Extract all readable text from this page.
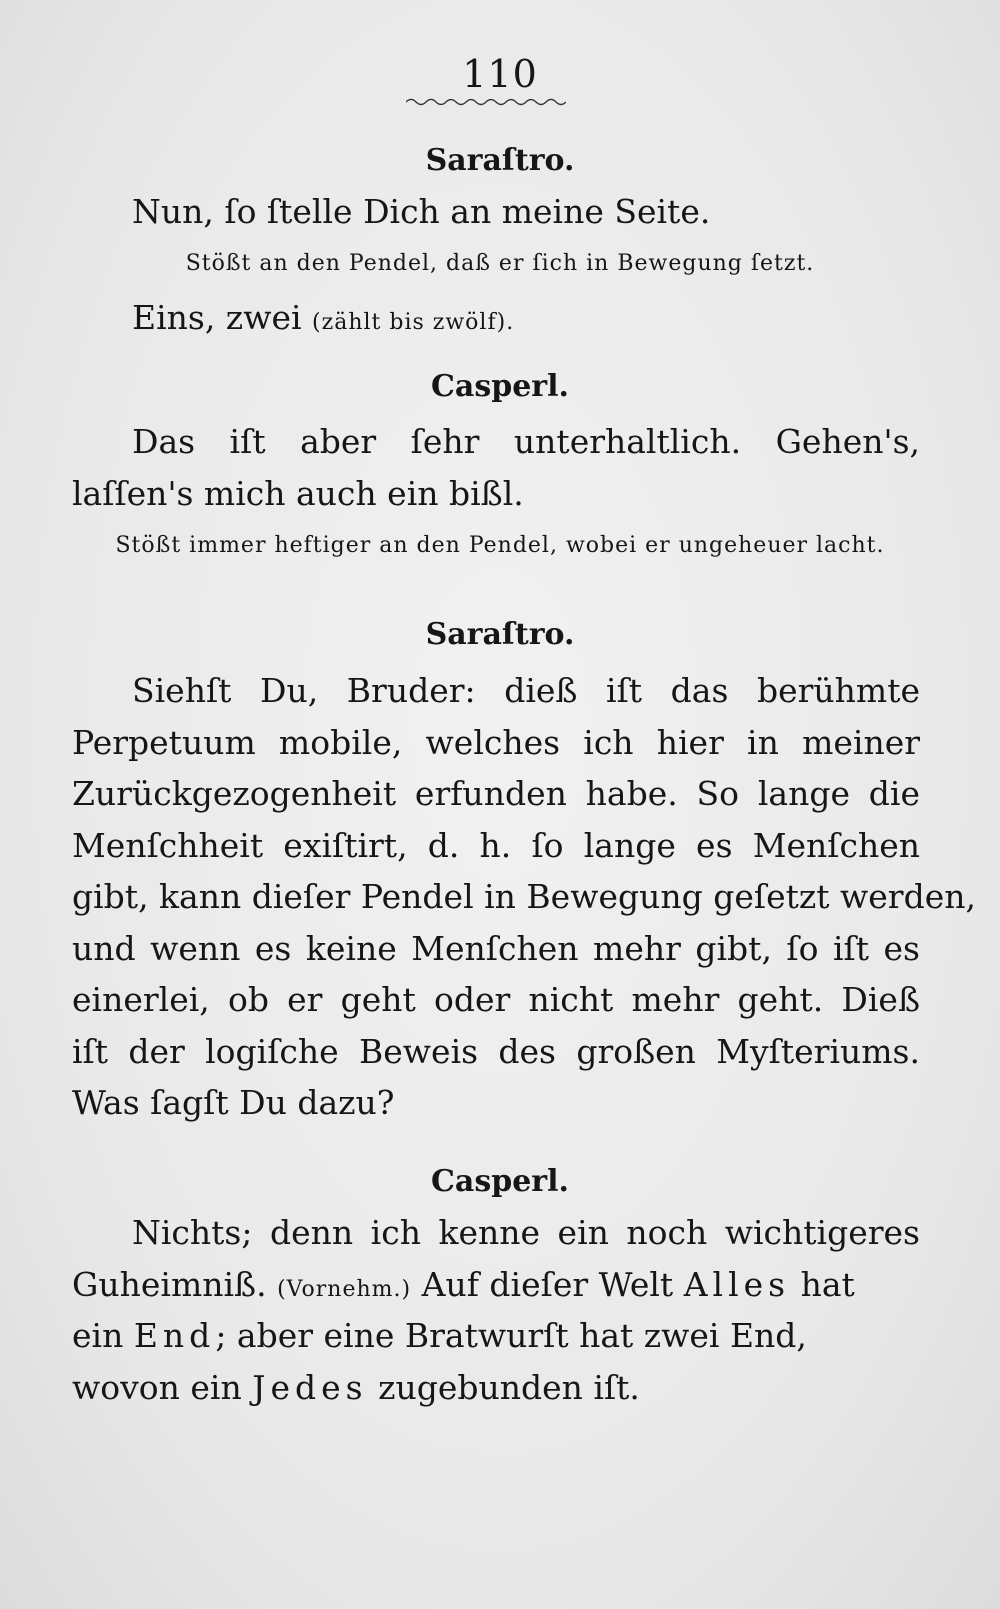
110
Saraſtro.

Nun, ſo ſtelle Dich an meine Seite.

Stößt an den Pendel, daß er ſich in Bewegung ſetzt.

Eins, zwei (zählt bis zwölf).

Casperl.

Das iſt aber ſehr unterhaltlich. Gehen's,

laſſen's mich auch ein bißl.

Stößt immer heftiger an den Pendel, wobei er ungeheuer lacht.
Saraſtro.

Siehſt Du, Bruder: dieß iſt das berühmte

Perpetuum mobile, welches ich hier in meiner

Zurückgezogenheit erfunden habe. So lange die

Menſchheit exiſtirt, d. h. ſo lange es Menſchen

gibt, kann dieſer Pendel in Bewegung geſetzt werden,

und wenn es keine Menſchen mehr gibt, ſo iſt es

einerlei, ob er geht oder nicht mehr geht. Dieß

iſt der logiſche Beweis des großen Myſteriums.

Was ſagſt Du dazu?

Casperl.

Nichts; denn ich kenne ein noch wichtigeres

Guheimniß. (Vornehm.) Auf dieſer Welt Alles hat

ein End; aber eine Bratwurſt hat zwei End,

wovon ein Jedes zugebunden iſt.
